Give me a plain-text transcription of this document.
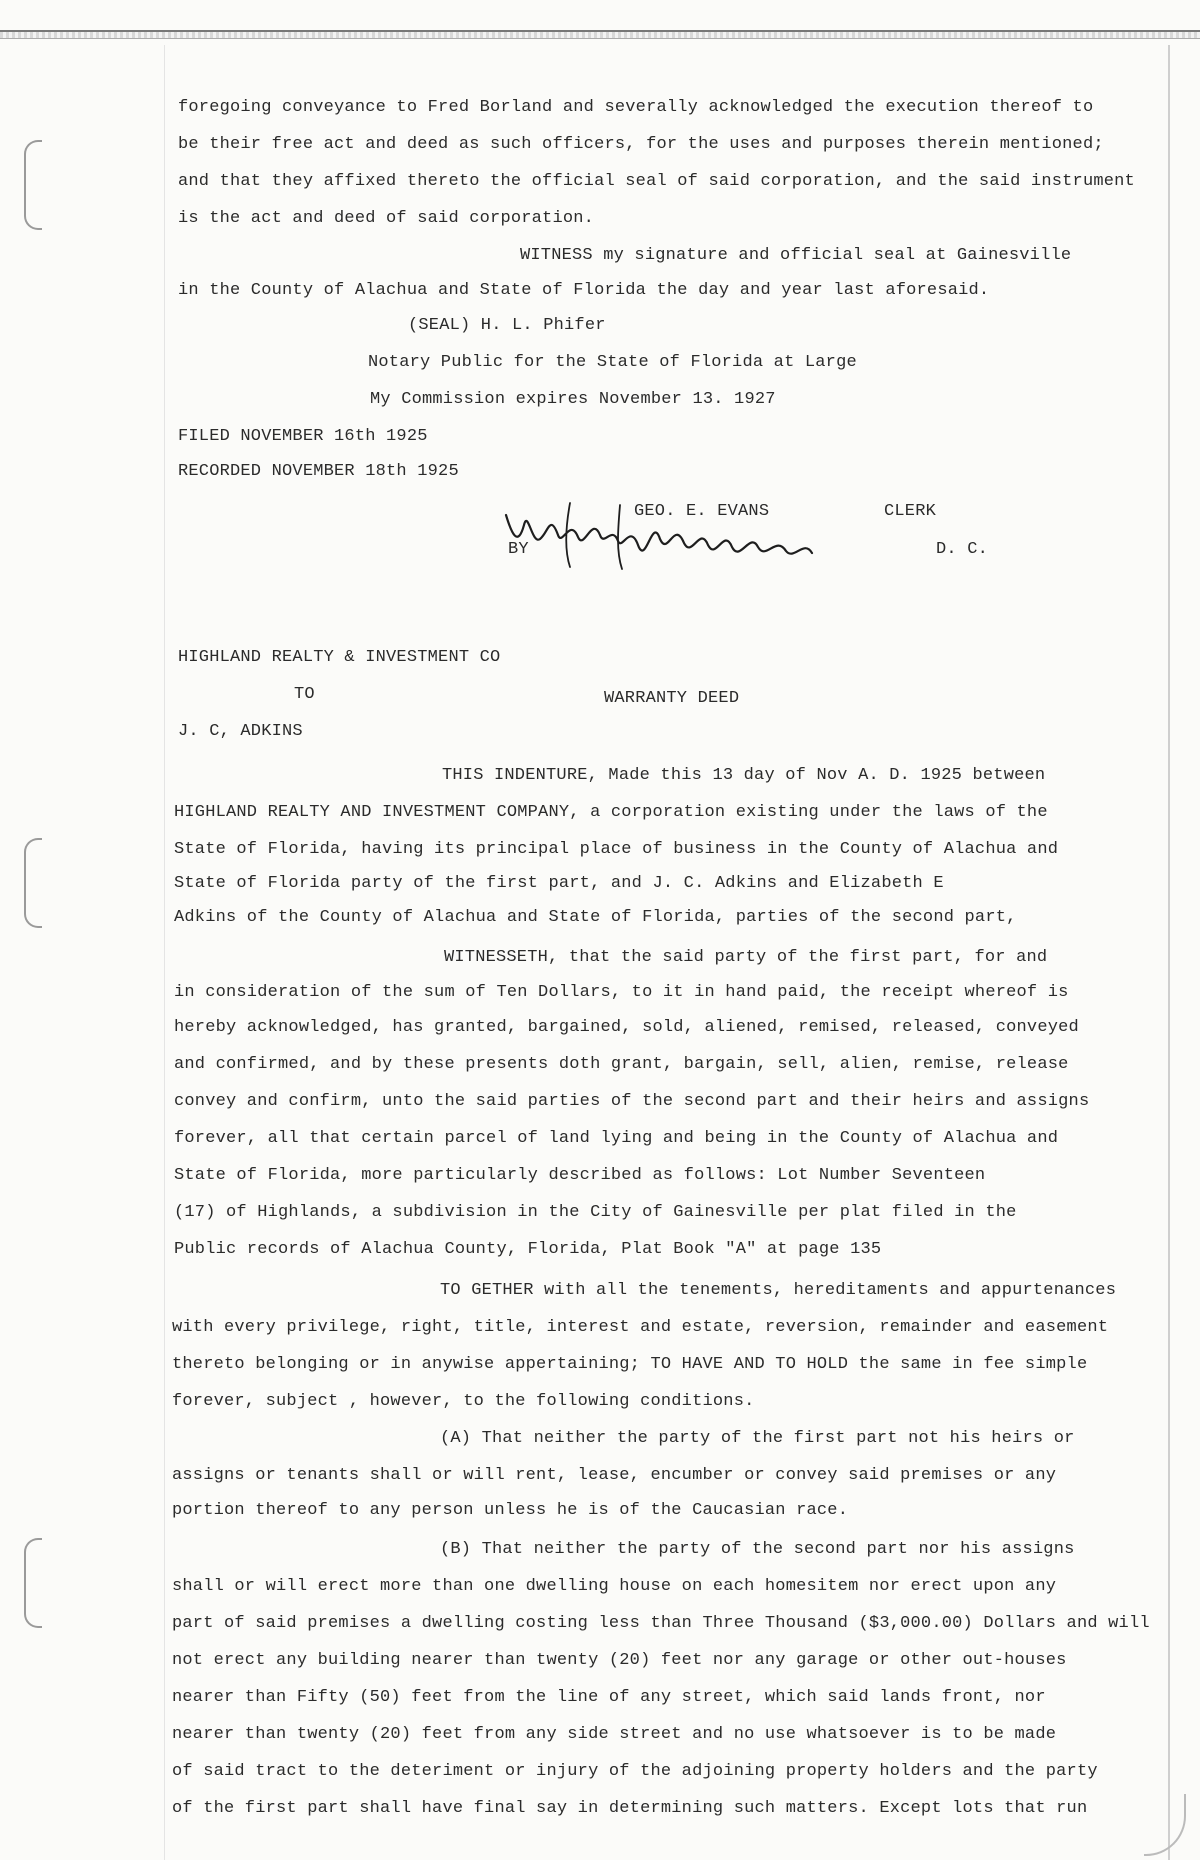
foregoing conveyance to Fred Borland and severally acknowledged the execution thereof to
be their free act and deed as such officers, for the uses and purposes therein mentioned;
and that they affixed thereto the official seal of said corporation, and the said instrument
is the act and deed of said corporation.
WITNESS my signature and official seal at Gainesville
in the County of Alachua and State of Florida the day and year last aforesaid.
(SEAL) H. L. Phifer
Notary Public for the State of Florida at Large
My Commission expires November 13. 1927
FILED NOVEMBER 16th 1925
RECORDED NOVEMBER 18th 1925
GEO. E. EVANS	CLERK
BY	D. C.
HIGHLAND REALTY & INVESTMENT CO
TO	WARRANTY DEED
J. C, ADKINS
THIS INDENTURE, Made this 13 day of Nov A. D. 1925 between
HIGHLAND REALTY AND INVESTMENT COMPANY, a corporation existing under the laws of the
State of Florida, having its principal place of business in the County of Alachua and
State of Florida party of the first part, and J. C. Adkins and Elizabeth E
Adkins of the County of Alachua and State of Florida, parties of the second part,
WITNESSETH, that the said party of the first part, for and
in consideration of the sum of Ten Dollars, to it in hand paid, the receipt whereof is
hereby acknowledged, has granted, bargained, sold, aliened, remised, released, conveyed
and confirmed, and by these presents doth grant, bargain, sell, alien, remise, release
convey and confirm, unto the said parties of the second part and their heirs and assigns
forever, all that certain parcel of land lying and being in the County of Alachua and
State of Florida, more particularly described as follows: Lot Number Seventeen
(17) of Highlands, a subdivision in the City of Gainesville per plat filed in the
Public records of Alachua County, Florida, Plat Book "A" at page 135
TO GETHER with all the tenements, hereditaments and appurtenances
with every privilege, right, title, interest and estate, reversion, remainder and easement
thereto belonging or in anywise appertaining; TO HAVE AND TO HOLD the same in fee simple
forever, subject , however, to the following conditions.
(A) That neither the party of the first part not his heirs or
assigns or tenants shall or will rent, lease, encumber or convey said premises or any
portion thereof to any person unless he is of the Caucasian race.
(B) That neither the party of the second part nor his assigns
shall or will erect more than one dwelling house on each homesitem nor erect upon any
part of said premises a dwelling costing less than Three Thousand ($3,000.00) Dollars and will
not erect any building nearer than twenty (20) feet nor any garage or other out-houses
nearer than Fifty (50) feet from the line of any street, which said lands front, nor
nearer than twenty (20) feet from any side street and no use whatsoever is to be made
of said tract to the deteriment or injury of the adjoining property holders and the party
of the first part shall have final say in determining such matters. Except lots that run
